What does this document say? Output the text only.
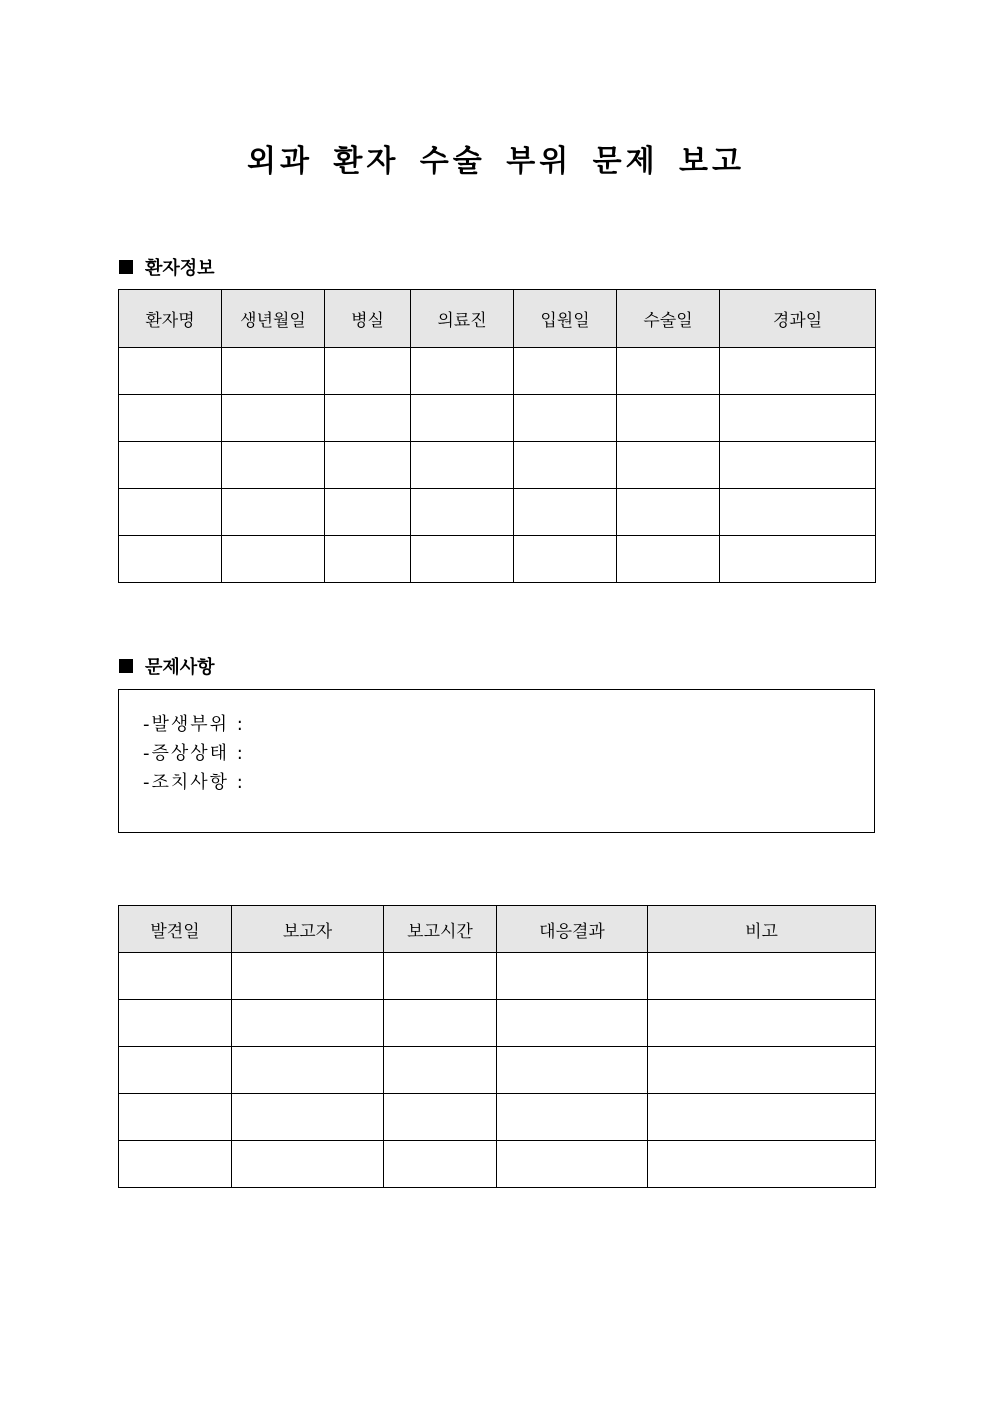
외과 환자 수술 부위 문제 보고
환자정보
환자명	생년월일	병실	의료진	입원일	수술일	경과일

문제사항
-발생부위 :
-증상상태 :
-조치사항 :
발견일	보고자	보고시간	대응결과	비고
